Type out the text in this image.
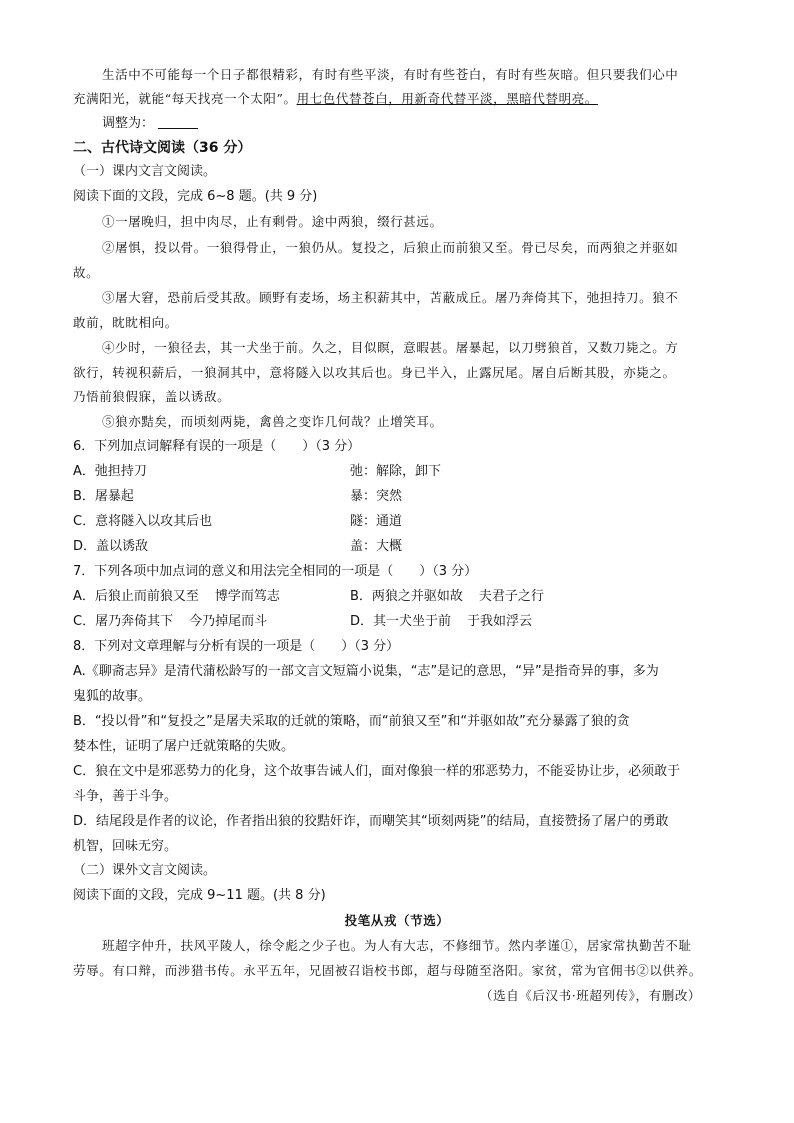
生活中不可能每一个日子都很精彩，有时有些平淡，有时有些苍白，有时有些灰暗。但只要我们心中
充满阳光，就能“每天找亮一个太阳”。用七色代替苍白，用新奇代替平淡，黑暗代替明亮。
调整为：
二、古代诗文阅读（36 分）
（一）课内文言文阅读。
阅读下面的文段，完成 6~8 题。(共 9 分)
①一屠晚归，担中肉尽，止有剩骨。途中两狼，缀行甚远。
②屠惧，投以骨。一狼得骨止，一狼仍从。复投之，后狼止而前狼又至。骨已尽矣，而两狼之并驱如
故。
③屠大窘，恐前后受其敌。顾野有麦场，场主积薪其中，苫蔽成丘。屠乃奔倚其下，弛担持刀。狼不
敢前，眈眈相向。
④少时，一狼径去，其一犬坐于前。久之，目似瞑，意暇甚。屠暴起，以刀劈狼首，又数刀毙之。方
欲行，转视积薪后，一狼洞其中，意将隧入以攻其后也。身已半入，止露尻尾。屠自后断其股，亦毙之。
乃悟前狼假寐，盖以诱敌。
⑤狼亦黠矣，而顷刻两毙，禽兽之变诈几何哉？止增笑耳。
6．下列加点词解释有误的一项是（　　）（3 分）
A．弛担持刀	弛：解除，卸下
B．屠暴起	暴：突然
C．意将隧入以攻其后也	隧：通道
D．盖以诱敌	盖：大概
7．下列各项中加点词的意义和用法完全相同的一项是（　　）（3 分）
A．后狼止而前狼又至 博学而笃志	B．两狼之并驱如故 夫君子之行
C．屠乃奔倚其下 今乃掉尾而斗	D．其一犬坐于前 于我如浮云
8．下列对文章理解与分析有误的一项是（　　）（3 分）
A.《聊斋志异》是清代蒲松龄写的一部文言文短篇小说集，“志”是记的意思，“异”是指奇异的事，多为
鬼狐的故事。
B．“投以骨”和“复投之”是屠夫采取的迁就的策略，而“前狼又至”和“并驱如故”充分暴露了狼的贪
婪本性，证明了屠户迁就策略的失败。
C．狼在文中是邪恶势力的化身，这个故事告诫人们，面对像狼一样的邪恶势力，不能妥协让步，必须敢于
斗争，善于斗争。
D．结尾段是作者的议论，作者指出狼的狡黠奸诈，而嘲笑其“顷刻两毙”的结局，直接赞扬了屠户的勇敢
机智，回味无穷。
（二）课外文言文阅读。
阅读下面的文段，完成 9~11 题。(共 8 分)
投笔从戎（节选）
班超字仲升，扶风平陵人，徐令彪之少子也。为人有大志，不修细节。然内孝谨①，居家常执勤苦不耻
劳辱。有口辩，而涉猎书传。永平五年，兄固被召诣校书郎，超与母随至洛阳。家贫，常为官佣书②以供养。
（选自《后汉书·班超列传》，有删改）
